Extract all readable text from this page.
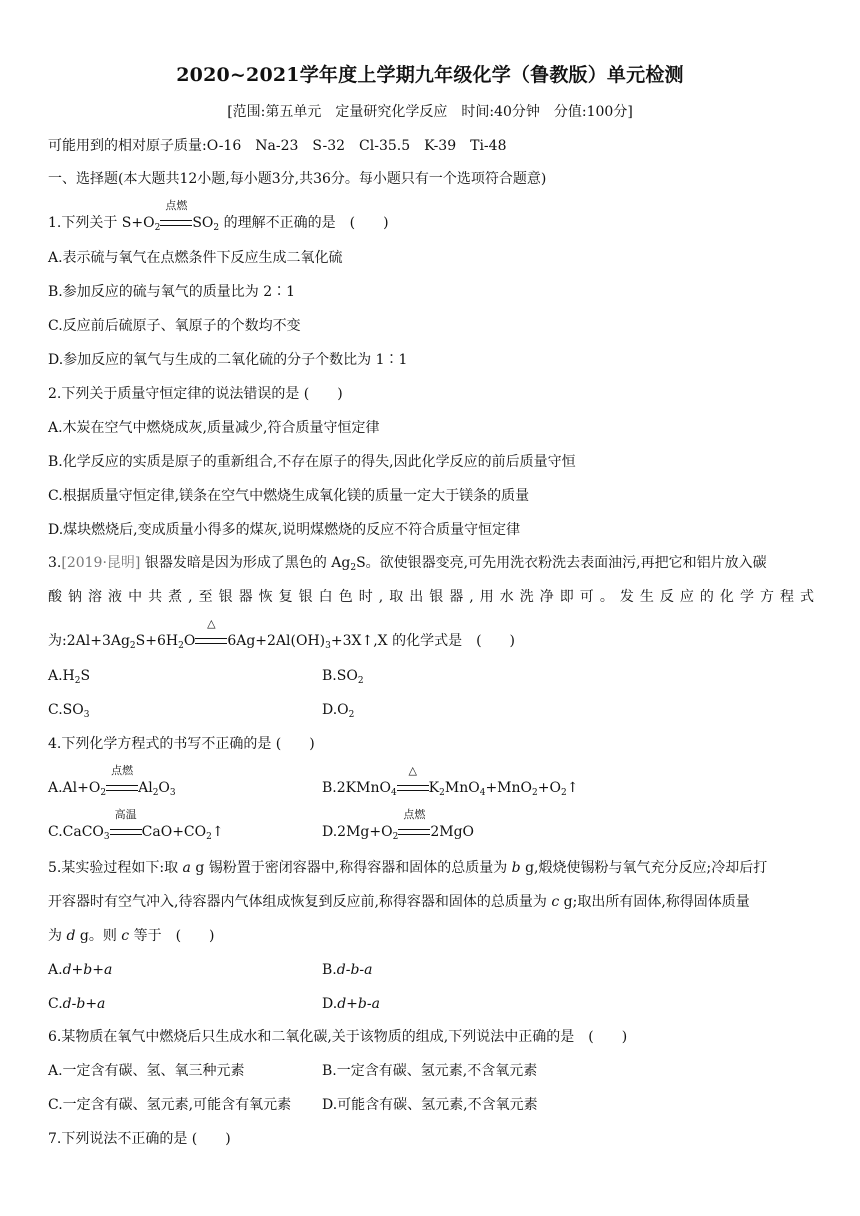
2020~2021学年度上学期九年级化学（鲁教版）单元检测
[范围:第五单元　定量研究化学反应　时间:40分钟　分值:100分]
可能用到的相对原子质量:O-16　Na-23　S-32　Cl-35.5　K-39　Ti-48
一、选择题(本大题共12小题,每小题3分,共36分。每小题只有一个选项符合题意)
1.下列关于 $S+O_2$
点燃
$SO_2$ 的理解不正确的是　(　　)
A.表示硫与氧气在点燃条件下反应生成二氧化硫
B.参加反应的硫与氧气的质量比为 2∶1
C.反应前后硫原子、氧原子的个数均不变
D.参加反应的氧气与生成的二氧化硫的分子个数比为 1∶1
2.下列关于质量守恒定律的说法错误的是 (　　)
A.木炭在空气中燃烧成灰,质量减少,符合质量守恒定律
B.化学反应的实质是原子的重新组合,不存在原子的得失,因此化学反应的前后质量守恒
C.根据质量守恒定律,镁条在空气中燃烧生成氧化镁的质量一定大于镁条的质量
D.煤块燃烧后,变成质量小得多的煤灰,说明煤燃烧的反应不符合质量守恒定律
3.[2019·昆明] 银器发暗是因为形成了黑色的 $Ag_2S$。欲使银器变亮,可先用洗衣粉洗去表面油污,再把它和铝片放入碳
酸钠溶液中共煮,至银器恢复银白色时,取出银器,用水洗净即可。发生反应的化学方程式
为$:2Al+3Ag_2S+6H_2O$
△
$6Ag+2Al(OH)_3+3X↑,X$ 的化学式是　(　　)
$A.H_2S$	$B.SO_2$
$C.SO_3$	$D.O_2$
4.下列化学方程式的书写不正确的是 (　　)
$A.Al+O_2$
点燃
$Al_2O_3$	B.2KMnO$_4$
△
$K_2MnO_4+MnO_2+O_2↑$
C.CaCO$_3$
高温
$CaO+CO_2↑$	$D.2Mg+O_2$
点燃
2MgO
5.某实验过程如下:取 a g 锡粉置于密闭容器中,称得容器和固体的总质量为 b g,煅烧使锡粉与氧气充分反应;冷却后打
开容器时有空气冲入,待容器内气体组成恢复到反应前,称得容器和固体的总质量为 c g;取出所有固体,称得固体质量
为 d g。则 c 等于　(　　)
A.d+b+a	B.d-b-a
C.d-b+a	D.d+b-a
6.某物质在氧气中燃烧后只生成水和二氧化碳,关于该物质的组成,下列说法中正确的是　(　　)
A.一定含有碳、氢、氧三种元素	B.一定含有碳、氢元素,不含氧元素
C.一定含有碳、氢元素,可能含有氧元素 D.可能含有碳、氢元素,不含氧元素
7.下列说法不正确的是 (　　)
